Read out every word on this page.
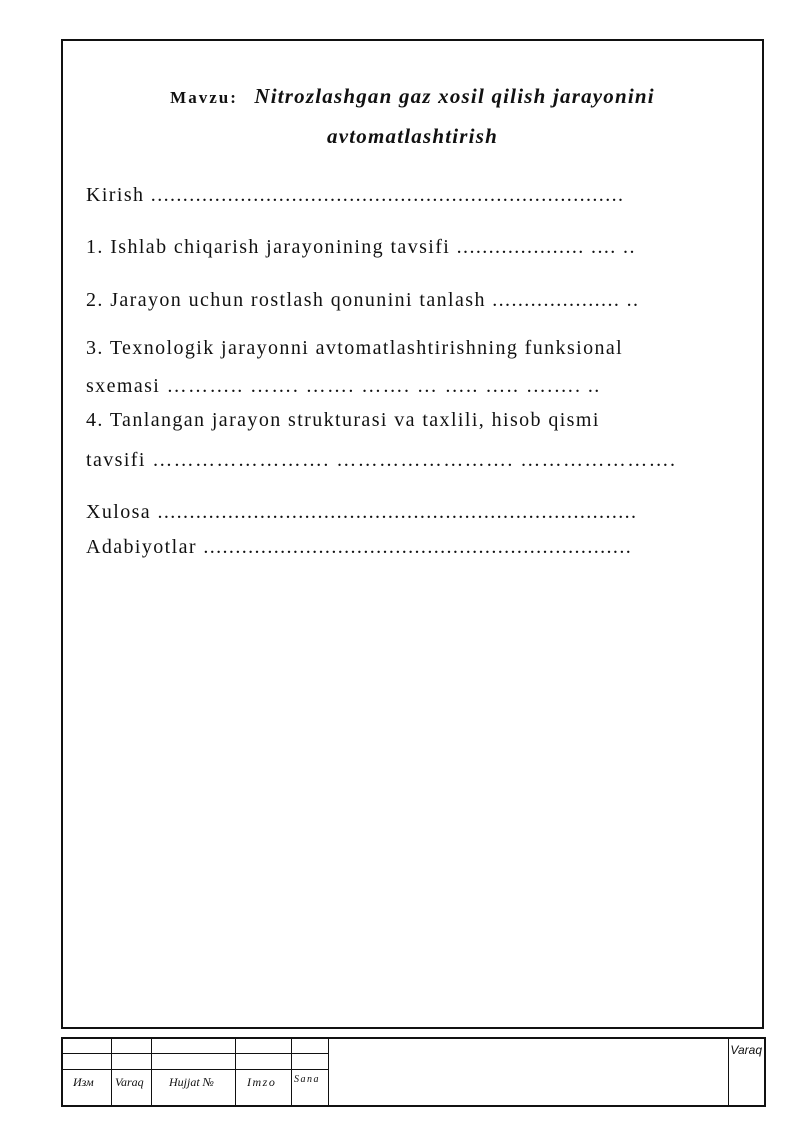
Mavzu: Nitrozlashgan gaz xosil qilish jarayonini
avtomatlashtirish
Kirish ..........................................................................
1. Ishlab chiqarish jarayonining tavsifi .................... .... ..
2. Jarayon uchun rostlash qonunini tanlash .................... ..
3. Texnologik jarayonni avtomatlashtirishning funksional
sxemasi ……….. ……. ……. ……. … ….. ….. ….…. ..
4. Tanlangan jarayon strukturasi va taxlili, hisob qismi
tavsifi ……………………. ……………………. ………………….
Xulosa ...........................................................................
Adabiyotlar ...................................................................
Изм Varaq Hujjat №	Imzo Sana
Varaq
